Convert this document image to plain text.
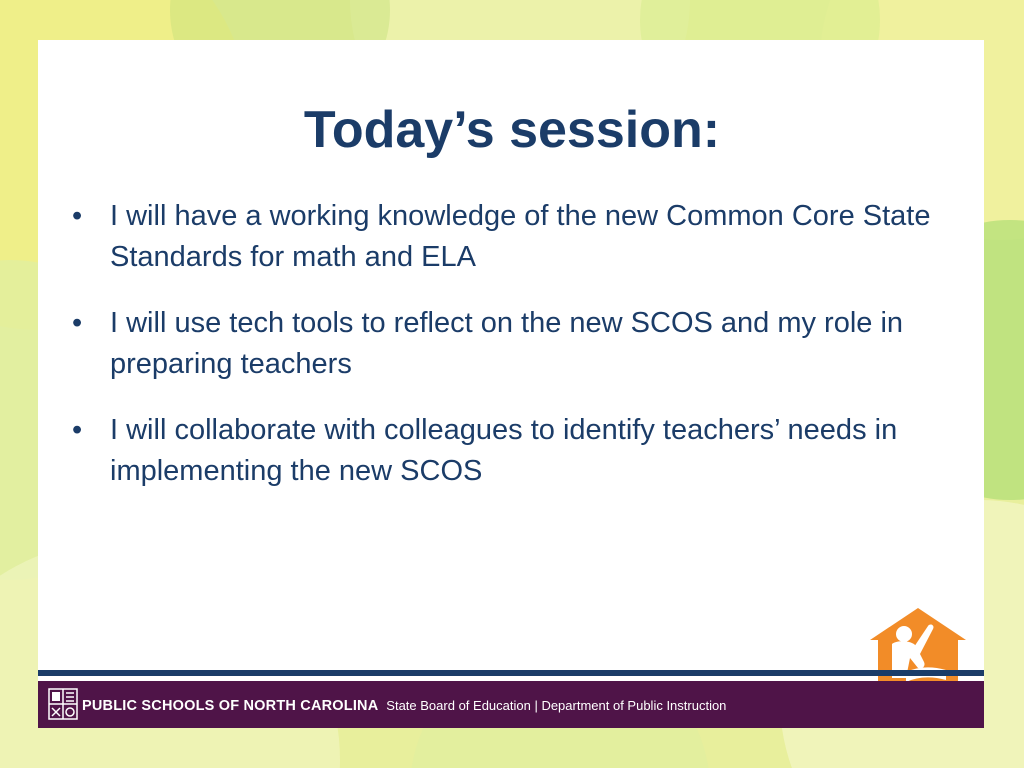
Today’s session:
• I will have a working knowledge of the new Common Core State Standards for math and ELA
• I will use tech tools to reflect on the new SCOS and my role in preparing teachers
• I will collaborate with colleagues to identify teachers’ needs in implementing the new SCOS
PUBLIC SCHOOLS OF NORTH CAROLINA State Board of Education | Department of Public Instruction
